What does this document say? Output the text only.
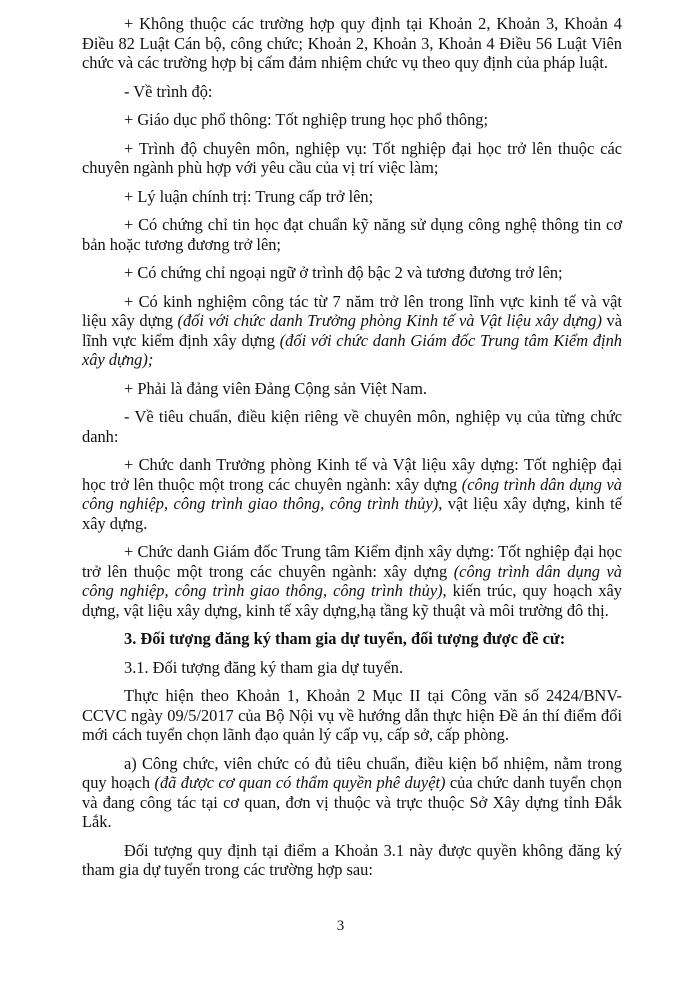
+ Không thuộc các trường hợp quy định tại Khoản 2, Khoản 3, Khoản 4 Điều 82 Luật Cán bộ, công chức; Khoản 2, Khoản 3, Khoản 4 Điều 56 Luật Viên chức và các trường hợp bị cấm đảm nhiệm chức vụ theo quy định của pháp luật.

- Về trình độ:

+ Giáo dục phổ thông: Tốt nghiệp trung học phổ thông;

+ Trình độ chuyên môn, nghiệp vụ: Tốt nghiệp đại học trở lên thuộc các chuyên ngành phù hợp với yêu cầu của vị trí việc làm;

+ Lý luận chính trị: Trung cấp trở lên;

+ Có chứng chỉ tin học đạt chuẩn kỹ năng sử dụng công nghệ thông tin cơ bản hoặc tương đương trở lên;

+ Có chứng chỉ ngoại ngữ ở trình độ bậc 2 và tương đương trở lên;

+ Có kinh nghiệm công tác từ 7 năm trở lên trong lĩnh vực kinh tế và vật liệu xây dựng (đối với chức danh Trưởng phòng Kinh tế và Vật liệu xây dựng) và lĩnh vực kiểm định xây dựng (đối với chức danh Giám đốc Trung tâm Kiểm định xây dựng);

+ Phải là đảng viên Đảng Cộng sản Việt Nam.

- Về tiêu chuẩn, điều kiện riêng về chuyên môn, nghiệp vụ của từng chức danh:

+ Chức danh Trưởng phòng Kinh tế và Vật liệu xây dựng: Tốt nghiệp đại học trở lên thuộc một trong các chuyên ngành: xây dựng (công trình dân dụng và công nghiệp, công trình giao thông, công trình thủy), vật liệu xây dựng, kinh tế xây dựng.

+ Chức danh Giám đốc Trung tâm Kiểm định xây dựng: Tốt nghiệp đại học trở lên thuộc một trong các chuyên ngành: xây dựng (công trình dân dụng và công nghiệp, công trình giao thông, công trình thủy), kiến trúc, quy hoạch xây dựng, vật liệu xây dựng, kinh tế xây dựng,hạ tầng kỹ thuật và môi trường đô thị.

3. Đối tượng đăng ký tham gia dự tuyển, đối tượng được đề cử:

3.1. Đối tượng đăng ký tham gia dự tuyển.

Thực hiện theo Khoản 1, Khoản 2 Mục II tại Công văn số 2424/BNV-CCVC ngày 09/5/2017 của Bộ Nội vụ về hướng dẫn thực hiện Đề án thí điểm đổi mới cách tuyển chọn lãnh đạo quản lý cấp vụ, cấp sở, cấp phòng.

a) Công chức, viên chức có đủ tiêu chuẩn, điều kiện bổ nhiệm, nằm trong quy hoạch (đã được cơ quan có thẩm quyền phê duyệt) của chức danh tuyển chọn và đang công tác tại cơ quan, đơn vị thuộc và trực thuộc Sở Xây dựng tỉnh Đắk Lắk.

Đối tượng quy định tại điểm a Khoản 3.1 này được quyền không đăng ký tham gia dự tuyển trong các trường hợp sau:

3
